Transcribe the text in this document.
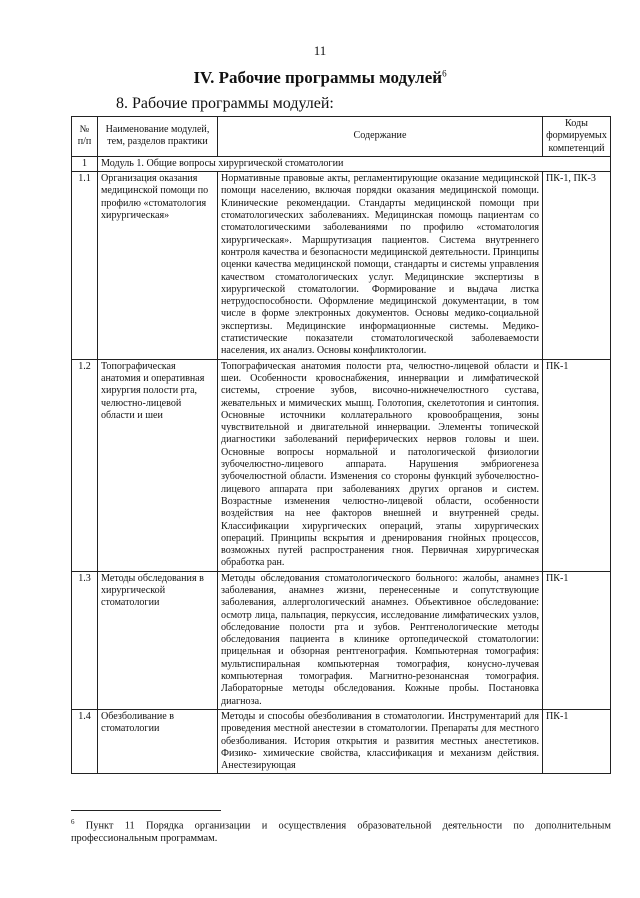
11
IV. Рабочие программы модулей$^6$
8. Рабочие программы модулей:
№ п/п	Наименование модулей, тем, разделов практики	Содержание	Коды формируемых компетенций
1	Модуль 1. Общие вопросы хирургической стоматологии		
1.1	Организация оказания медицинской помощи по профилю «стоматология хирургическая»	Нормативные правовые акты, регламентирующие оказание медицинской помощи населению, включая порядки оказания медицинской помощи. Клинические рекомендации. Стандарты медицинской помощи при стоматологических заболеваниях. Медицинская помощь пациентам со стоматологическими заболеваниями по профилю «стоматология хирургическая». Маршрутизация пациентов. Система внутреннего контроля качества и безопасности медицинской деятельности. Принципы оценки качества медицинской помощи, стандарты и системы управления качеством стоматологических услуг. Медицинские экспертизы в хирургической стоматологии. Формирование и выдача листка нетрудоспособности. Оформление медицинской документации, в том числе в форме электронных документов. Основы медико-социальной экспертизы. Медицинские информационные системы. Медико-статистические показатели стоматологической заболеваемости населения, их анализ. Основы конфликтологии.	ПК-1, ПК-3
1.2	Топографическая анатомия и оперативная хирургия полости рта, челюстно-лицевой области и шеи	Топографическая анатомия полости рта, челюстно-лицевой области и шеи. Особенности кровоснабжения, иннервации и лимфатической системы, строение зубов, височно-нижнечелюстного сустава, жевательных и мимических мышц. Голотопия, скелетотопия и синтопия. Основные источники коллатерального кровообращения, зоны чувствительной и двигательной иннервации. Элементы топической диагностики заболеваний периферических нервов головы и шеи. Основные вопросы нормальной и патологической физиологии зубочелюстно-лицевого аппарата. Нарушения эмбриогенеза зубочелюстной области. Изменения со стороны функций зубочелюстно-лицевого аппарата при заболеваниях других органов и систем. Возрастные изменения челюстно-лицевой области, особенности воздействия на нее факторов внешней и внутренней среды. Классификации хирургических операций, этапы хирургических операций. Принципы вскрытия и дренирования гнойных процессов, возможных путей распространения гноя. Первичная хирургическая обработка ран.	ПК-1
1.3	Методы обследования в хирургической стоматологии	Методы обследования стоматологического больного: жалобы, анамнез заболевания, анамнез жизни, перенесенные и сопутствующие заболевания, аллергологический анамнез. Объективное обследование: осмотр лица, пальпация, перкуссия, исследование лимфатических узлов, обследование полости рта и зубов. Рентгенологические методы обследования пациента в клинике ортопедической стоматологии: прицельная и обзорная рентгенография. Компьютерная томография: мультиспиральная компьютерная томография, конусно-лучевая компьютерная томография. Магнитно-резонансная томография. Лабораторные методы обследования. Кожные пробы. Постановка диагноза.	ПК-1
1.4	Обезболивание в стоматологии	Методы и способы обезболивания в стоматологии. Инструментарий для проведения местной анестезии в стоматологии. Препараты для местного обезболивания. История открытия и развития местных анестетиков. Физико- химические свойства, классификация и механизм действия. Анестезирующая	ПК-1
$^6$ Пункт 11 Порядка организации и осуществления образовательной деятельности по дополнительным профессиональным программам.
